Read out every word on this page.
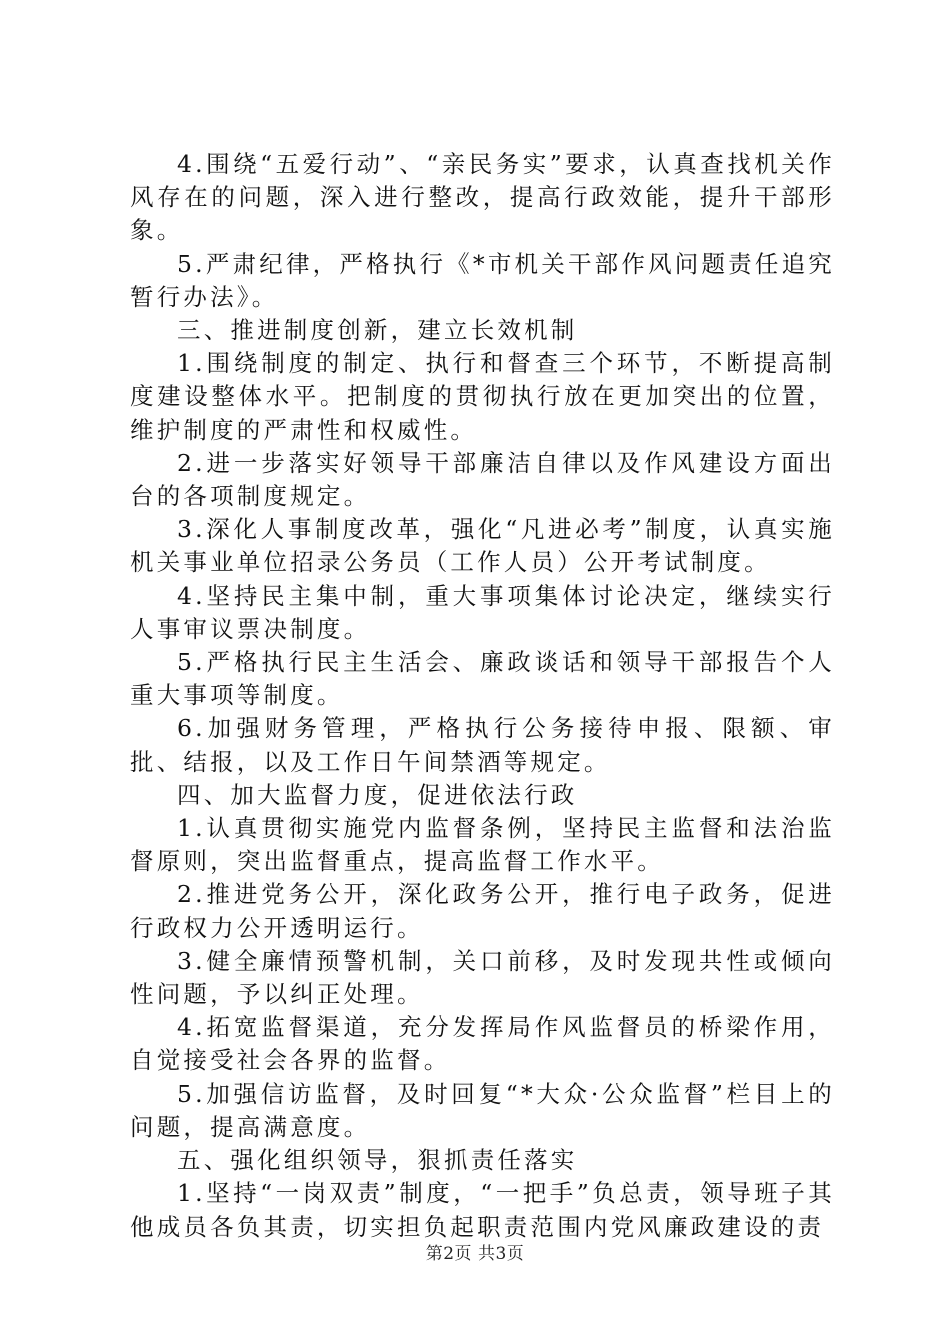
4.围绕“五爱行动”、“亲民务实”要求，认真查找机关作风存在的问题，深入进行整改，提高行政效能，提升干部形象。

5.严肃纪律，严格执行《*市机关干部作风问题责任追究暂行办法》。

三、推进制度创新，建立长效机制

1.围绕制度的制定、执行和督查三个环节，不断提高制度建设整体水平。把制度的贯彻执行放在更加突出的位置，维护制度的严肃性和权威性。

2.进一步落实好领导干部廉洁自律以及作风建设方面出台的各项制度规定。

3.深化人事制度改革，强化“凡进必考”制度，认真实施机关事业单位招录公务员（工作人员）公开考试制度。

4.坚持民主集中制，重大事项集体讨论决定，继续实行人事审议票决制度。

5.严格执行民主生活会、廉政谈话和领导干部报告个人重大事项等制度。

6.加强财务管理，严格执行公务接待申报、限额、审批、结报，以及工作日午间禁酒等规定。

四、加大监督力度，促进依法行政

1.认真贯彻实施党内监督条例，坚持民主监督和法治监督原则，突出监督重点，提高监督工作水平。

2.推进党务公开，深化政务公开，推行电子政务，促进行政权力公开透明运行。

3.健全廉情预警机制，关口前移，及时发现共性或倾向性问题，予以纠正处理。

4.拓宽监督渠道，充分发挥局作风监督员的桥梁作用，自觉接受社会各界的监督。

5.加强信访监督，及时回复“*大众·公众监督”栏目上的问题，提高满意度。

五、强化组织领导，狠抓责任落实

1.坚持“一岗双责”制度，“一把手”负总责，领导班子其他成员各负其责，切实担负起职责范围内党风廉政建设的责

第2页 共3页
